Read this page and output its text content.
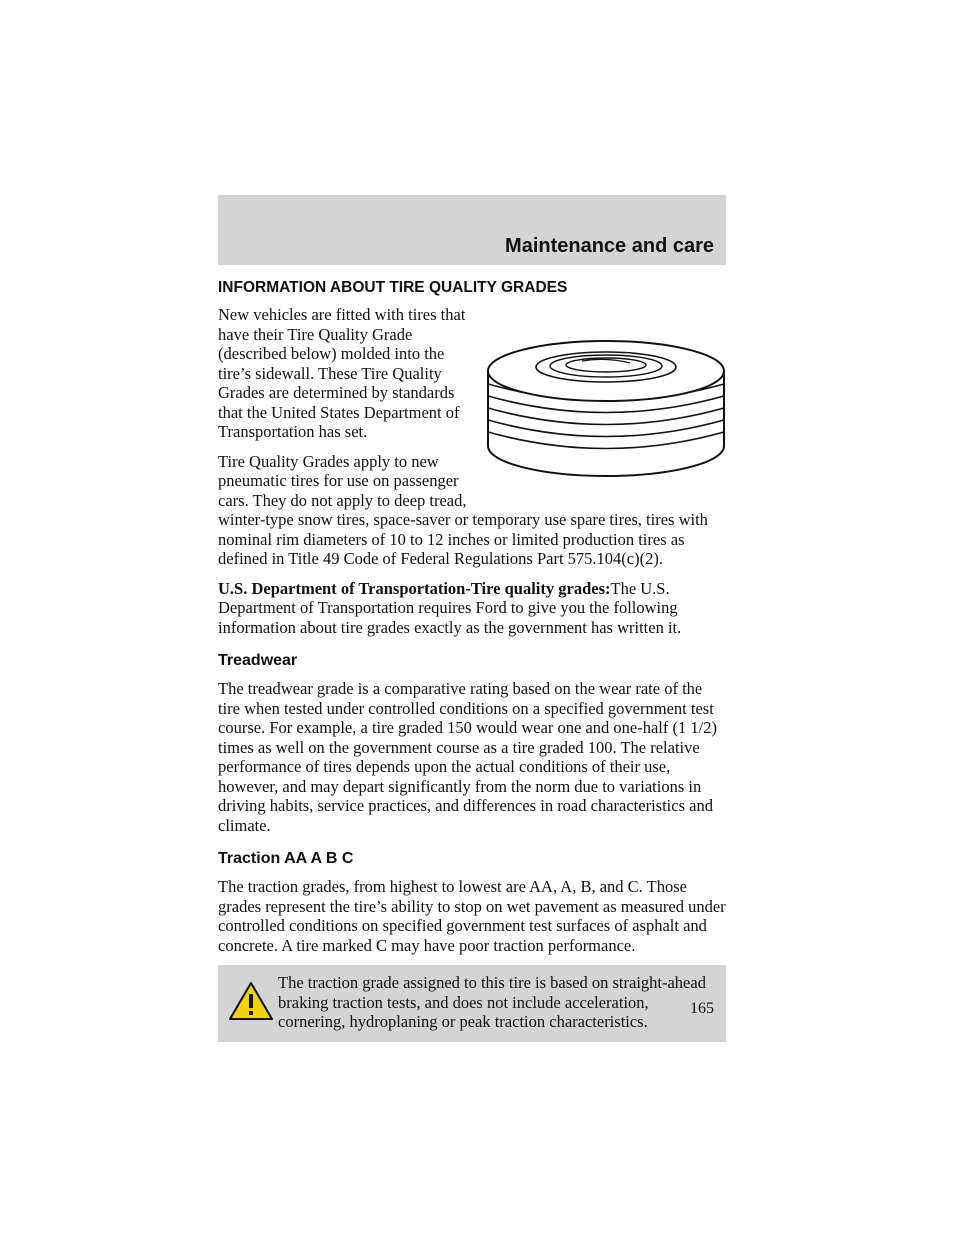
Maintenance and care
INFORMATION ABOUT TIRE QUALITY GRADES

New vehicles are fitted with tires that have their Tire Quality Grade (described below) molded into the tire’s sidewall. These Tire Quality Grades are determined by standards that the United States Department of Transportation has set.

Tire Quality Grades apply to new pneumatic tires for use on passenger cars. They do not apply to deep tread, winter-type snow tires, space-saver or temporary use spare tires, tires with nominal rim diameters of 10 to 12 inches or limited production tires as defined in Title 49 Code of Federal Regulations Part 575.104(c)(2).

U.S. Department of Transportation-Tire quality grades:The U.S. Department of Transportation requires Ford to give you the following information about tire grades exactly as the government has written it.

Treadwear

The treadwear grade is a comparative rating based on the wear rate of the tire when tested under controlled conditions on a specified government test course. For example, a tire graded 150 would wear one and one-half (1 1/2) times as well on the government course as a tire graded 100. The relative performance of tires depends upon the actual conditions of their use, however, and may depart significantly from the norm due to variations in driving habits, service practices, and differences in road characteristics and climate.

Traction AA A B C

The traction grades, from highest to lowest are AA, A, B, and C. Those grades represent the tire’s ability to stop on wet pavement as measured under controlled conditions on specified government test surfaces of asphalt and concrete. A tire marked C may have poor traction performance.

The traction grade assigned to this tire is based on straight-ahead braking traction tests, and does not include acceleration, cornering, hydroplaning or peak traction characteristics.

165
